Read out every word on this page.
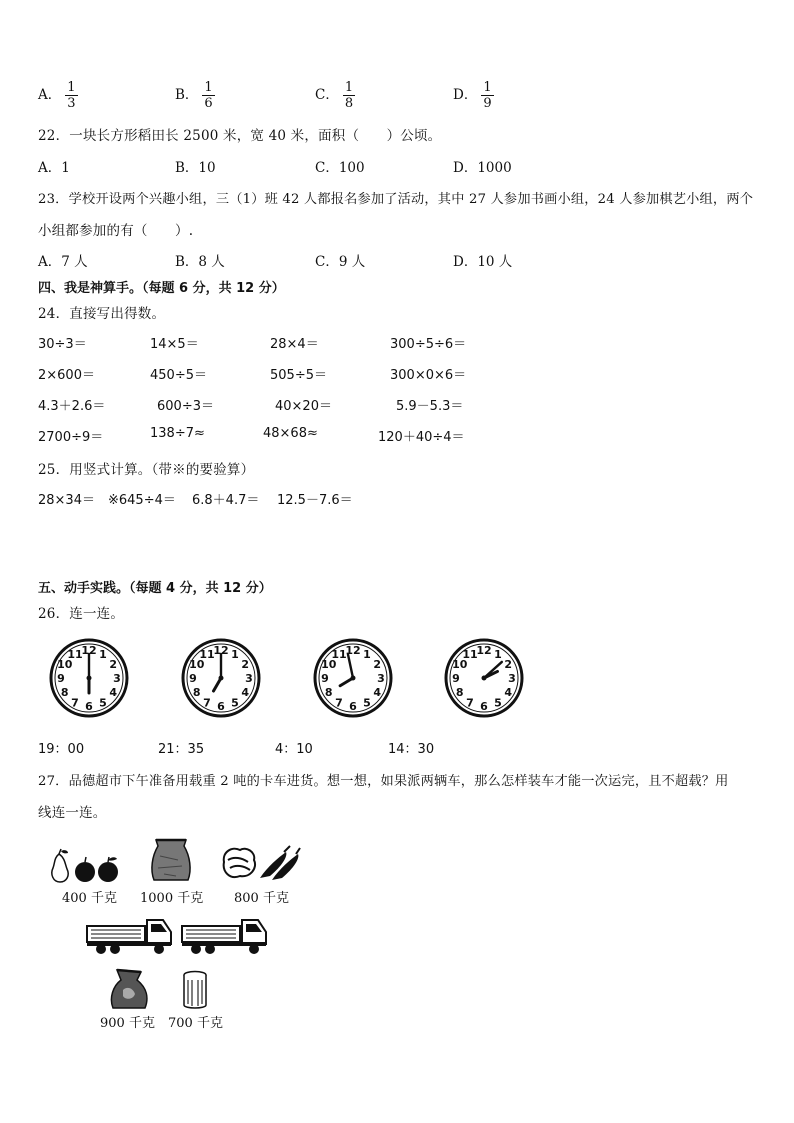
A． $\frac{1}{3}$	B． $\frac{1}{6}$	C． $\frac{1}{8}$	D． $\frac{1}{9}$
22．一块长方形稻田长 2500 米，宽 40 米，面积（　　）公顷。
A．1	B．10	C．100	D．1000
23．学校开设两个兴趣小组，三（1）班 42 人都报名参加了活动，其中 27 人参加书画小组，24 人参加棋艺小组，两个
小组都参加的有（　　）.
A．7 人	B．8 人	C．9 人	D．10 人
四、我是神算手。（每题 6 分，共 12 分）
24．直接写出得数。
30÷3＝	14×5＝	28×4＝	300÷5÷6＝
2×600＝	450÷5＝	505÷5＝	300×0×6＝
4.3＋2.6＝	600÷3＝	40×20＝	5.9－5.3＝
2700÷9＝	138÷7≈	48×68≈	120＋40÷4＝
25．用竖式计算。（带※的要验算）
28×34＝ ※645÷4＝ 6.8＋4.7＝ 12.5－7.6＝
五、动手实践。（每题 4 分，共 12 分）
26．连一连。
12 1
2
3
4
5
6
7
8
9
10
11	12 1
2
3
4
5
6
7
8
9
10
11	12 1
2
3
4
5
6
7
8
9
10
11	12 1
2
3
4
5
6
7
8
9
10
11
19：00	21：35	4：10	14：30
27．品德超市下午准备用载重 2 吨的卡车进货。想一想，如果派两辆车，那么怎样装车才能一次运完，且不超载？用
线连一连。
400 千克 1000 千克 800 千克
900 千克 700 千克
